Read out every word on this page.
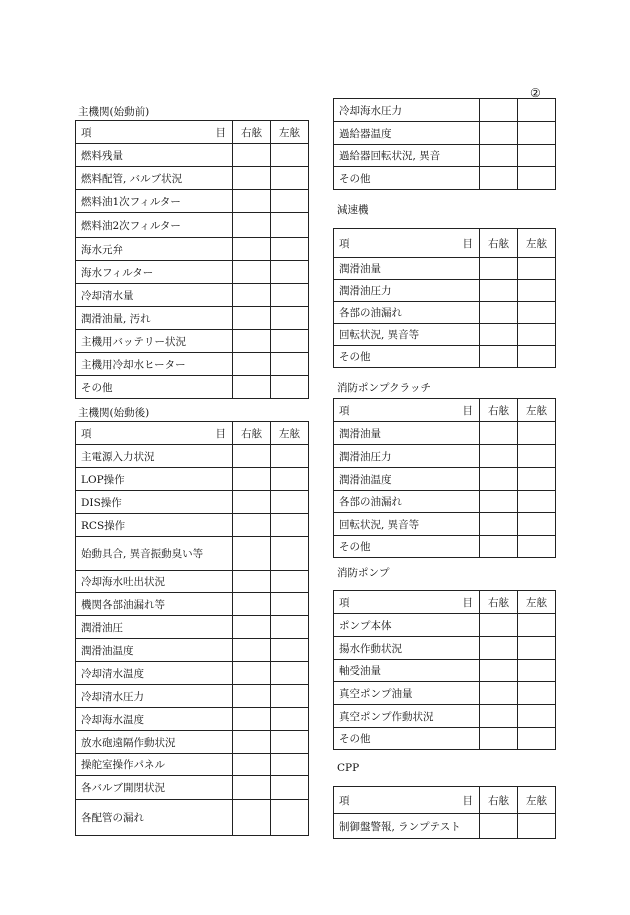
②
主機関(始動前)
項 目	右舷	左舷
燃料残量		
燃料配管, バルブ状況		
燃料油1次フィルター		
燃料油2次フィルター		
海水元弁		
海水フィルター		
冷却清水量		
潤滑油量, 汚れ		
主機用バッテリー状況		
主機用冷却水ヒーター		
その他		
主機関(始動後)
項 目	右舷	左舷
主電源入力状況		
LOP操作		
DIS操作		
RCS操作		
始動具合, 異音振動臭い等		
冷却海水吐出状況		
機関各部油漏れ等		
潤滑油圧		
潤滑油温度		
冷却清水温度		
冷却清水圧力		
冷却海水温度		
放水砲遠隔作動状況		
操舵室操作パネル		
各バルブ開閉状況		
各配管の漏れ		
冷却海水圧力		
過給器温度		
過給器回転状況, 異音		
その他		
減速機
項 目	右舷	左舷
潤滑油量		
潤滑油圧力		
各部の油漏れ		
回転状況, 異音等		
その他		
消防ポンプクラッチ
項 目	右舷	左舷
潤滑油量		
潤滑油圧力		
潤滑油温度		
各部の油漏れ		
回転状況, 異音等		
その他		
消防ポンプ
項 目	右舷	左舷
ポンプ本体		
揚水作動状況		
軸受油量		
真空ポンプ油量		
真空ポンプ作動状況		
その他		
CPP
項 目	右舷	左舷
制御盤警報, ランプテスト		
